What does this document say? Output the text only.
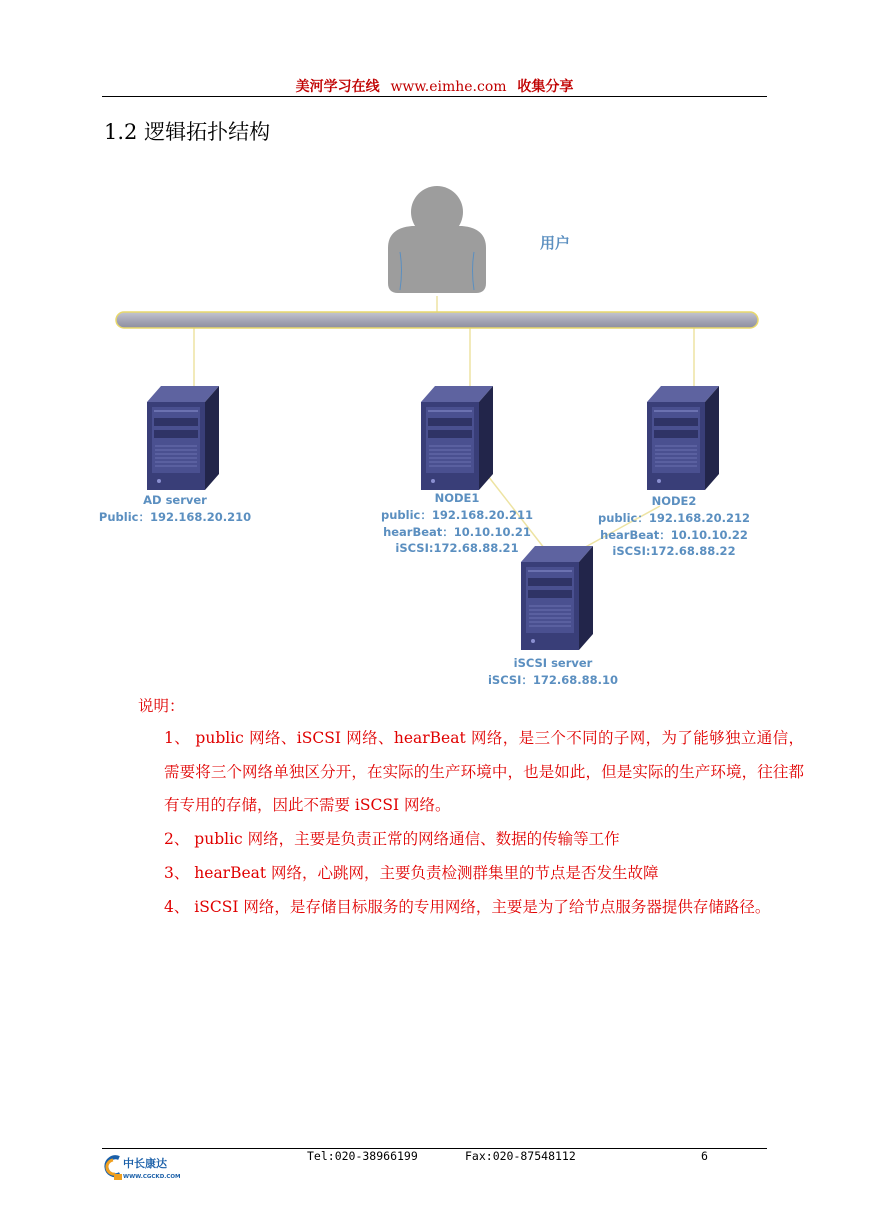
美河学习在线 www.eimhe.com 收集分享
1.2 逻辑拓扑结构
用户
AD server
Public：192.168.20.210
NODE1
public：192.168.20.211
hearBeat：10.10.10.21
iSCSI:172.68.88.21
NODE2
public：192.168.20.212
hearBeat：10.10.10.22
iSCSI:172.68.88.22
iSCSI server
iSCSI：172.68.88.10
说明：
1、 public 网络、iSCSI 网络、hearBeat 网络，是三个不同的子网，为了能够独立通信，需要将三个网络单独区分开，在实际的生产环境中，也是如此，但是实际的生产环境，往往都有专用的存储，因此不需要 iSCSI 网络。
2、 public 网络，主要是负责正常的网络通信、数据的传输等工作
3、 hearBeat 网络，心跳网，主要负责检测群集里的节点是否发生故障
4、 iSCSI 网络，是存储目标服务的专用网络，主要是为了给节点服务器提供存储路径。
中长康达
WWW.CGCKD.COM
Tel:020-38966199	Fax:020-87548112	6
